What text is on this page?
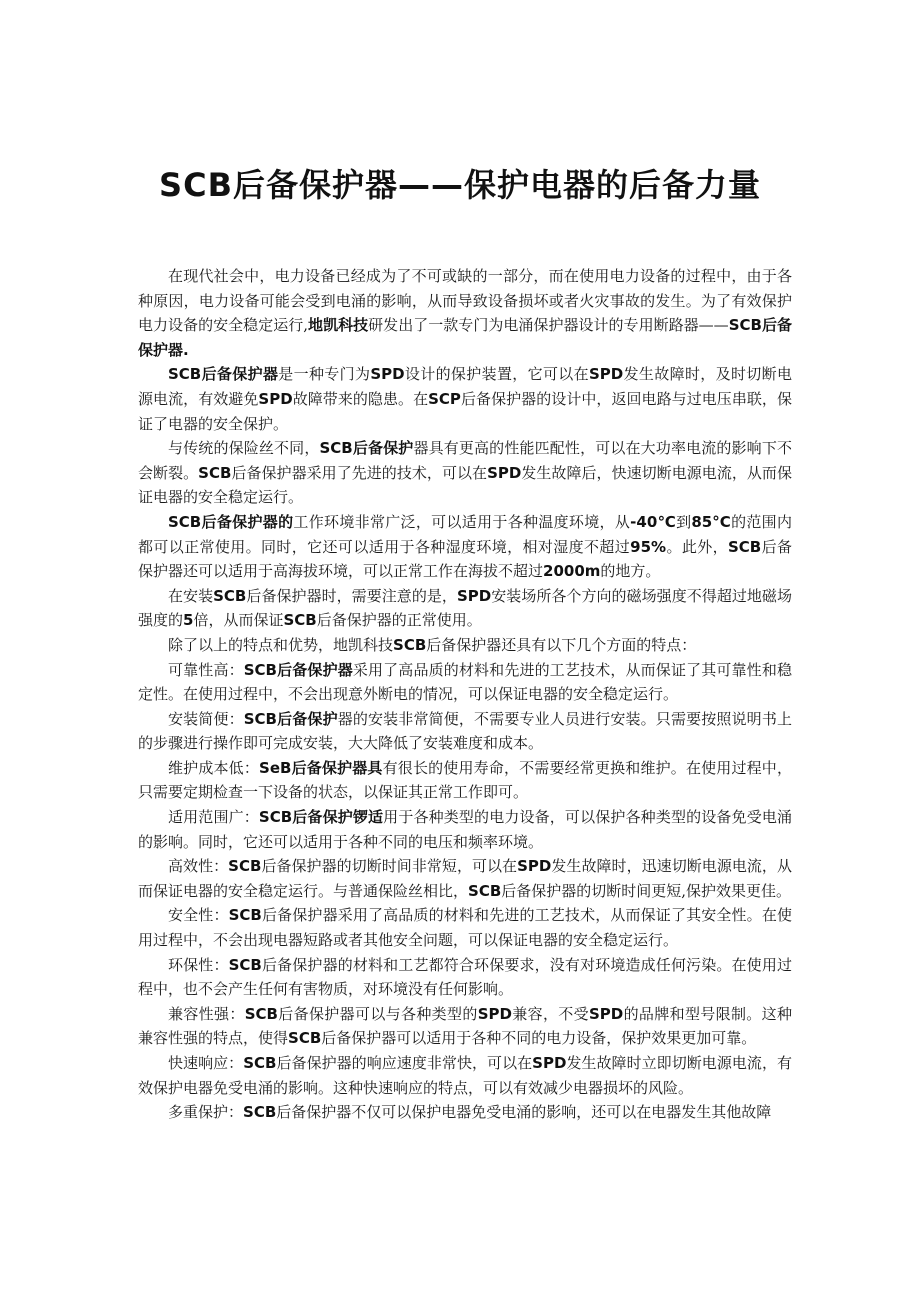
SCB后备保护器——保护电器的后备力量

在现代社会中，电力设备已经成为了不可或缺的一部分，而在使用电力设备的过程中，由于各种原因，电力设备可能会受到电涌的影响，从而导致设备损坏或者火灾事故的发生。为了有效保护电力设备的安全稳定运行,地凯科技研发出了一款专门为电涌保护器设计的专用断路器——SCB后备保护器.

SCB后备保护器是一种专门为SPD设计的保护装置，它可以在SPD发生故障时，及时切断电源电流，有效避免SPD故障带来的隐患。在SCP后备保护器的设计中，返回电路与过电压串联，保证了电器的安全保护。

与传统的保险丝不同，SCB后备保护器具有更高的性能匹配性，可以在大功率电流的影响下不会断裂。SCB后备保护器采用了先进的技术，可以在SPD发生故障后，快速切断电源电流，从而保证电器的安全稳定运行。

SCB后备保护器的工作环境非常广泛，可以适用于各种温度环境，从-40℃到85°C的范围内都可以正常使用。同时，它还可以适用于各种湿度环境，相对湿度不超过95%。此外，SCB后备保护器还可以适用于高海拔环境，可以正常工作在海拔不超过2000m的地方。

在安装SCB后备保护器时，需要注意的是，SPD安装场所各个方向的磁场强度不得超过地磁场强度的5倍，从而保证SCB后备保护器的正常使用。

除了以上的特点和优势，地凯科技SCB后备保护器还具有以下几个方面的特点：

可靠性高：SCB后备保护器采用了高品质的材料和先进的工艺技术，从而保证了其可靠性和稳定性。在使用过程中，不会出现意外断电的情况，可以保证电器的安全稳定运行。

安装简便：SCB后备保护器的安装非常简便，不需要专业人员进行安装。只需要按照说明书上的步骤进行操作即可完成安装，大大降低了安装难度和成本。

维护成本低：SeB后备保护器具有很长的使用寿命，不需要经常更换和维护。在使用过程中，只需要定期检查一下设备的状态，以保证其正常工作即可。

适用范围广：SCB后备保护锣适用于各种类型的电力设备，可以保护各种类型的设备免受电涌的影响。同时，它还可以适用于各种不同的电压和频率环境。

高效性：SCB后备保护器的切断时间非常短，可以在SPD发生故障时，迅速切断电源电流，从而保证电器的安全稳定运行。与普通保险丝相比，SCB后备保护器的切断时间更短,保护效果更佳。

安全性：SCB后备保护器采用了高品质的材料和先进的工艺技术，从而保证了其安全性。在使用过程中，不会出现电器短路或者其他安全问题，可以保证电器的安全稳定运行。

环保性：SCB后备保护器的材料和工艺都符合环保要求，没有对环境造成任何污染。在使用过程中，也不会产生任何有害物质，对环境没有任何影响。

兼容性强：SCB后备保护器可以与各种类型的SPD兼容，不受SPD的品牌和型号限制。这种兼容性强的特点，使得SCB后备保护器可以适用于各种不同的电力设备，保护效果更加可靠。

快速响应：SCB后备保护器的响应速度非常快，可以在SPD发生故障时立即切断电源电流，有效保护电器免受电涌的影响。这种快速响应的特点，可以有效减少电器损坏的风险。

多重保护：SCB后备保护器不仅可以保护电器免受电涌的影响，还可以在电器发生其他故障
